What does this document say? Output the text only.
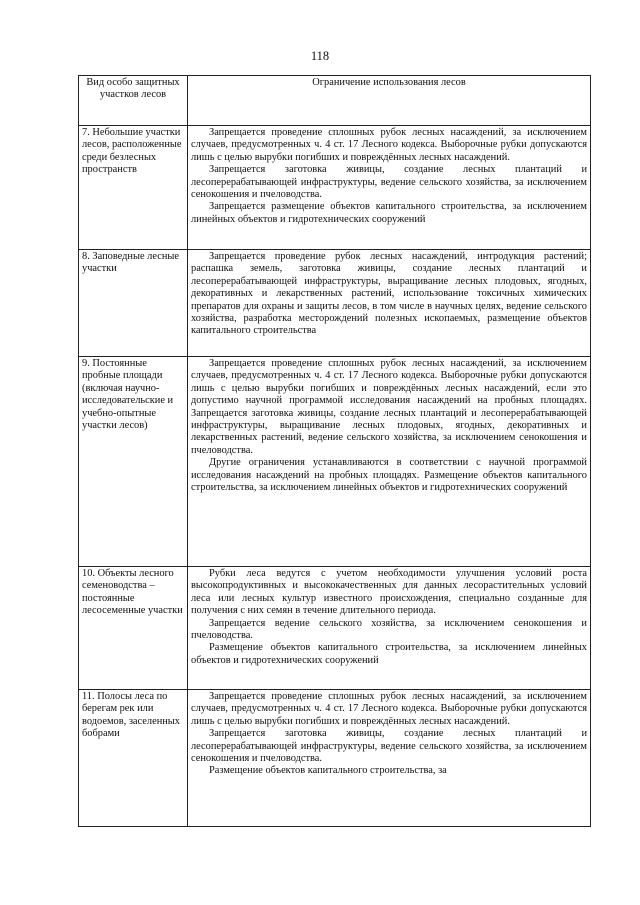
118
Вид особо защитных участков лесов	Ограничение использования лесов
7. Небольшие участки лесов, расположенные среди безлесных пространств	Запрещается проведение сплошных рубок лесных насаждений, за исключением случаев, предусмотренных ч. 4 ст. 17 Лесного кодекса. Выборочные рубки допускаются лишь с целью вырубки погибших и повреждённых лесных насаждений.

Запрещается заготовка живицы, создание лесных плантаций и лесоперерабатывающей инфраструктуры, ведение сельского хозяйства, за исключением сенокошения и пчеловодства.

Запрещается размещение объектов капитального строительства, за исключением линейных объектов и гидротехнических сооружений

8. Заповедные лесные участки	Запрещается проведение рубок лесных насаждений, интродукция растений; распашка земель, заготовка живицы, создание лесных плантаций и лесоперерабатывающей инфраструктуры, выращивание лесных плодовых, ягодных, декоративных и лекарственных растений, использование токсичных химических препаратов для охраны и защиты лесов, в том числе в научных целях, ведение сельского хозяйства, разработка месторождений полезных ископаемых, размещение объектов капитального строительства

9. Постоянные пробные площади (включая научно-исследовательские и учебно-опытные участки лесов)	Запрещается проведение сплошных рубок лесных насаждений, за исключением случаев, предусмотренных ч. 4 ст. 17 Лесного кодекса. Выборочные рубки допускаются лишь с целью вырубки погибших и повреждённых лесных насаждений, если это допустимо научной программой исследования насаждений на пробных площадях. Запрещается заготовка живицы, создание лесных плантаций и лесоперерабатывающей инфраструктуры, выращивание лесных плодовых, ягодных, декоративных и лекарственных растений, ведение сельского хозяйства, за исключением сенокошения и пчеловодства.

Другие ограничения устанавливаются в соответствии с научной программой исследования насаждений на пробных площадях. Размещение объектов капитального строительства, за исключением линейных объектов и гидротехнических сооружений

10. Объекты лесного семеноводства – постоянные лесосеменные участки	Рубки леса ведутся с учетом необходимости улучшения условий роста высокопродуктивных и высококачественных для данных лесорастительных условий леса или лесных культур известного происхождения, специально созданные для получения с них семян в течение длительного периода.

Запрещается ведение сельского хозяйства, за исключением сенокошения и пчеловодства.

Размещение объектов капитального строительства, за исключением линейных объектов и гидротехнических сооружений

11. Полосы леса по берегам рек или водоемов, заселенных бобрами	Запрещается проведение сплошных рубок лесных насаждений, за исключением случаев, предусмотренных ч. 4 ст. 17 Лесного кодекса. Выборочные рубки допускаются лишь с целью вырубки погибших и повреждённых лесных насаждений.

Запрещается заготовка живицы, создание лесных плантаций и лесоперерабатывающей инфраструктуры, ведение сельского хозяйства, за исключением сенокошения и пчеловодства.

Размещение объектов капитального строительства, за
